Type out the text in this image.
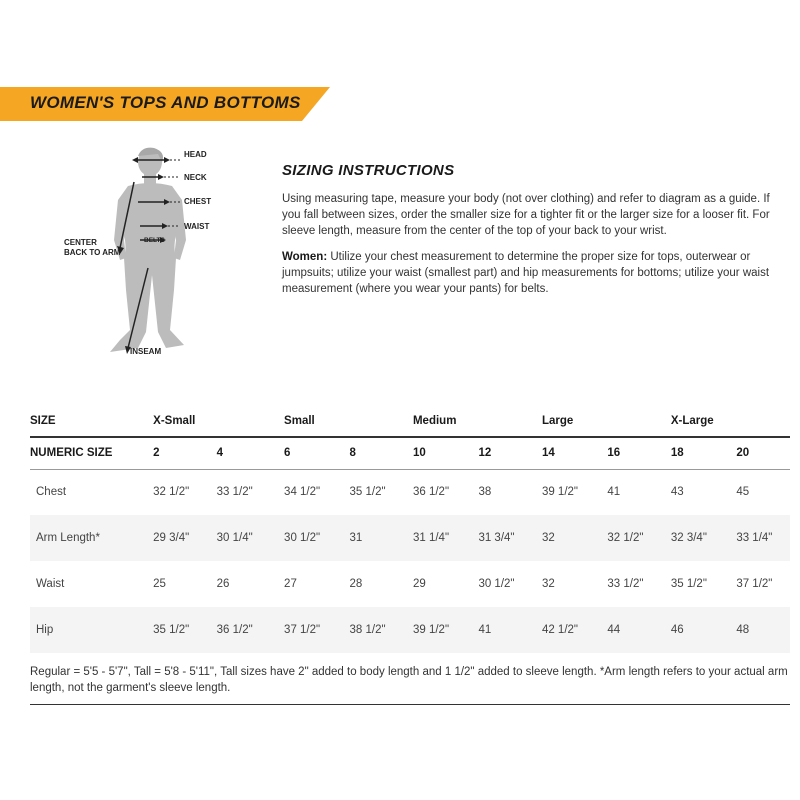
WOMEN'S TOPS AND BOTTOMS
HEAD
NECK
CHEST
WAIST
BELTS
CENTER
BACK TO ARM
INSEAM
SIZING INSTRUCTIONS

Using measuring tape, measure your body (not over clothing) and refer to diagram as a guide. If you fall between sizes, order the smaller size for a tighter fit or the larger size for a looser fit. For sleeve length, measure from the center of the top of your back to your wrist.

Women: Utilize your chest measurement to determine the proper size for tops, outerwear or jumpsuits; utilize your waist (smallest part) and hip measurements for bottoms; utilize your waist measurement (where you wear your pants) for belts.

SIZE	X-Small		Small		Medium		Large		X-Large	
NUMERIC SIZE	2	4	6	8	10	12	14	16	18	20
Chest	32 1/2"	33 1/2"	34 1/2"	35 1/2"	36 1/2"	38	39 1/2"	41	43	45
Arm Length*	29 3/4"	30 1/4"	30 1/2"	31	31 1/4"	31 3/4"	32	32 1/2"	32 3/4"	33 1/4"
Waist	25	26	27	28	29	30 1/2"	32	33 1/2"	35 1/2"	37 1/2"
Hip	35 1/2"	36 1/2"	37 1/2"	38 1/2"	39 1/2"	41	42 1/2"	44	46	48
Regular = 5'5 - 5'7", Tall = 5'8 - 5'11", Tall sizes have 2" added to body length and 1 1/2" added to sleeve length. *Arm length refers to your actual arm length, not the garment's sleeve length.
